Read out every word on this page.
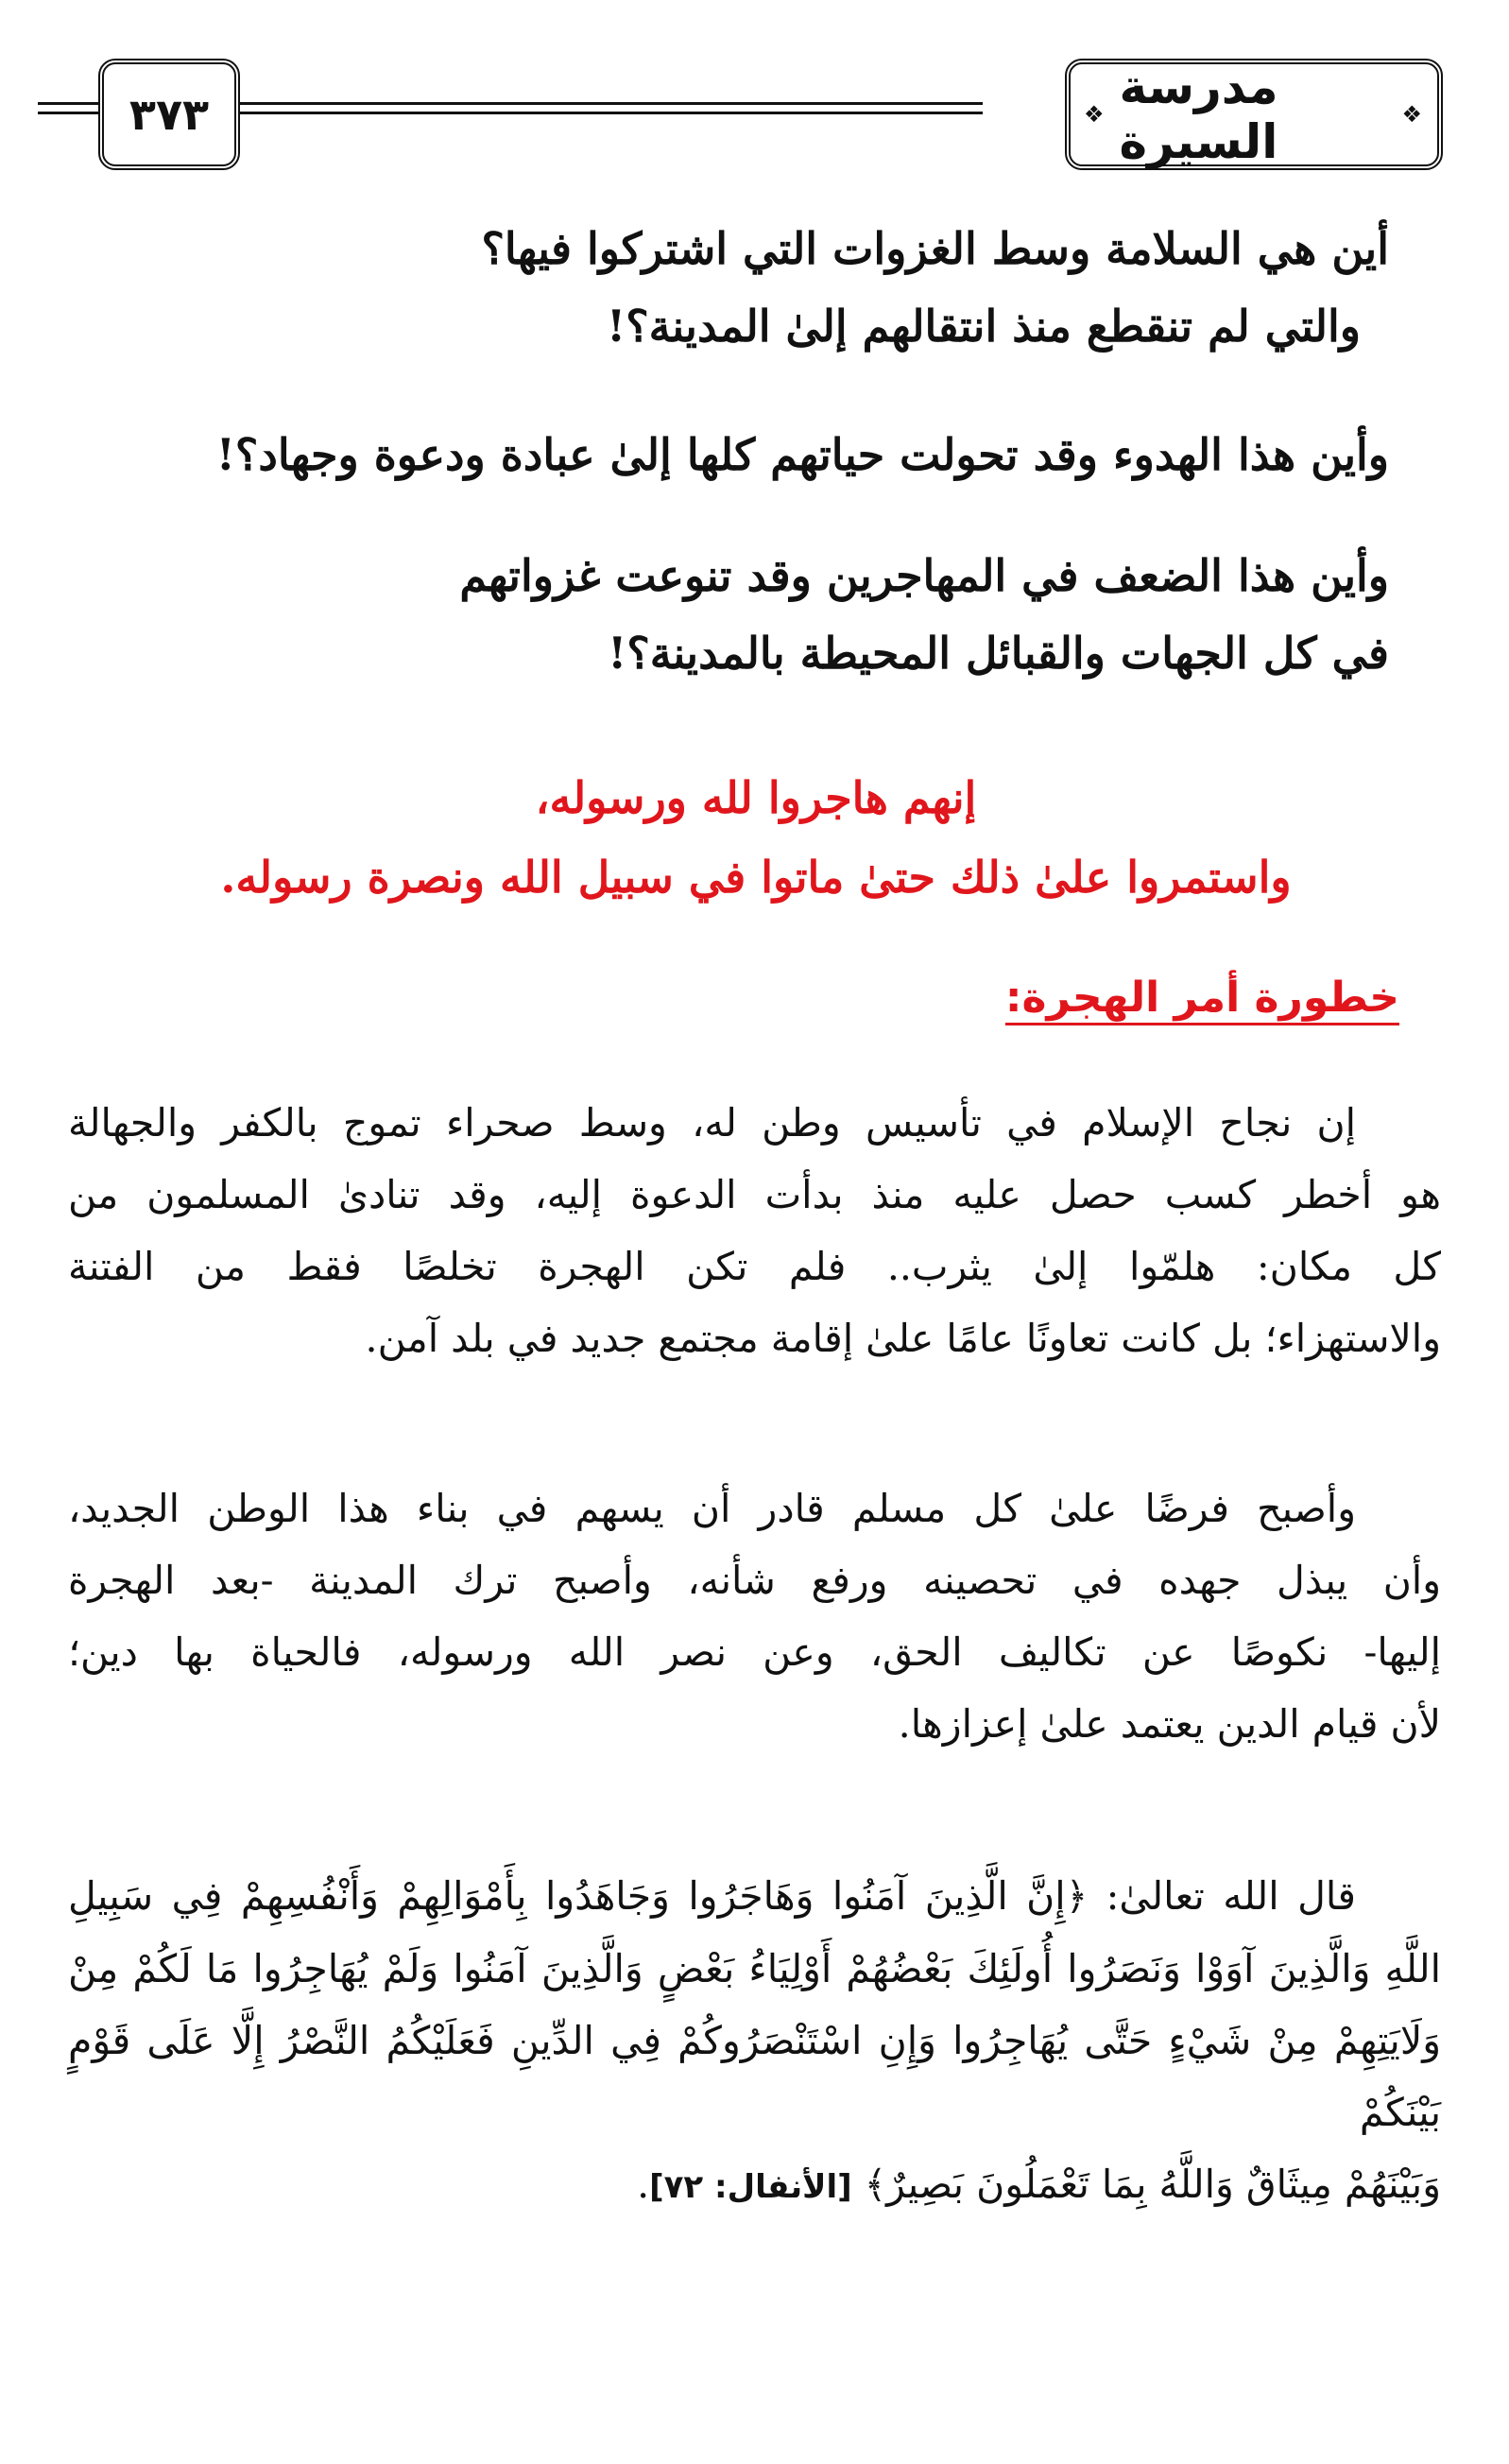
٣٧٣
❖	مدرسة السيرة
❖
أين هي السلامة وسط الغزوات التي اشتركوا فيها؟
والتي لم تنقطع منذ انتقالهم إلىٰ المدينة؟!
وأين هذا الهدوء وقد تحولت حياتهم كلها إلىٰ عبادة ودعوة وجهاد؟!
وأين هذا الضعف في المهاجرين وقد تنوعت غزواتهم
في كل الجهات والقبائل المحيطة بالمدينة؟!
إنهم هاجروا لله ورسوله،
واستمروا علىٰ ذلك حتىٰ ماتوا في سبيل الله ونصرة رسوله.
خطورة أمر الهجرة:
إن نجاح الإسلام في تأسيس وطن له، وسط صحراء تموج بالكفر والجهالة
هو أخطر كسب حصل عليه منذ بدأت الدعوة إليه، وقد تنادىٰ المسلمون من
كل مكان: هلمّوا إلىٰ يثرب.. فلم تكن الهجرة تخلصًا فقط من الفتنة
والاستهزاء؛ بل كانت تعاونًا عامًا علىٰ إقامة مجتمع جديد في بلد آمن.
وأصبح فرضًا علىٰ كل مسلم قادر أن يسهم في بناء هذا الوطن الجديد،
وأن يبذل جهده في تحصينه ورفع شأنه، وأصبح ترك المدينة -بعد الهجرة
إليها- نكوصًا عن تكاليف الحق، وعن نصر الله ورسوله، فالحياة بها دين؛
لأن قيام الدين يعتمد علىٰ إعزازها.
قال الله تعالىٰ: ﴿إِنَّ الَّذِينَ آمَنُوا وَهَاجَرُوا وَجَاهَدُوا بِأَمْوَالِهِمْ وَأَنْفُسِهِمْ فِي سَبِيلِ
اللَّهِ وَالَّذِينَ آوَوْا وَنَصَرُوا أُولَئِكَ بَعْضُهُمْ أَوْلِيَاءُ بَعْضٍ وَالَّذِينَ آمَنُوا وَلَمْ يُهَاجِرُوا مَا لَكُمْ مِنْ
وَلَايَتِهِمْ مِنْ شَيْءٍ حَتَّى يُهَاجِرُوا وَإِنِ اسْتَنْصَرُوكُمْ فِي الدِّينِ فَعَلَيْكُمُ النَّصْرُ إِلَّا عَلَى قَوْمٍ بَيْنَكُمْ
وَبَيْنَهُمْ مِيثَاقٌ وَاللَّهُ بِمَا تَعْمَلُونَ بَصِيرٌ﴾ [الأنفال: ٧٢].
